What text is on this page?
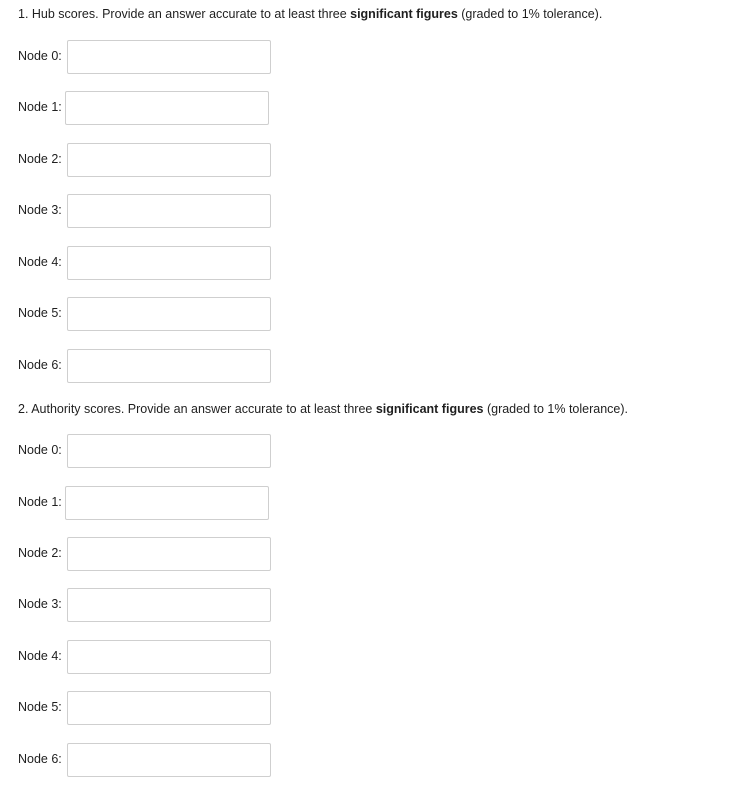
1. Hub scores. Provide an answer accurate to at least three significant figures (graded to 1% tolerance).
Node 0:
Node 1:
Node 2:
Node 3:
Node 4:
Node 5:
Node 6:
2. Authority scores. Provide an answer accurate to at least three significant figures (graded to 1% tolerance).
Node 0:
Node 1:
Node 2:
Node 3:
Node 4:
Node 5:
Node 6:
